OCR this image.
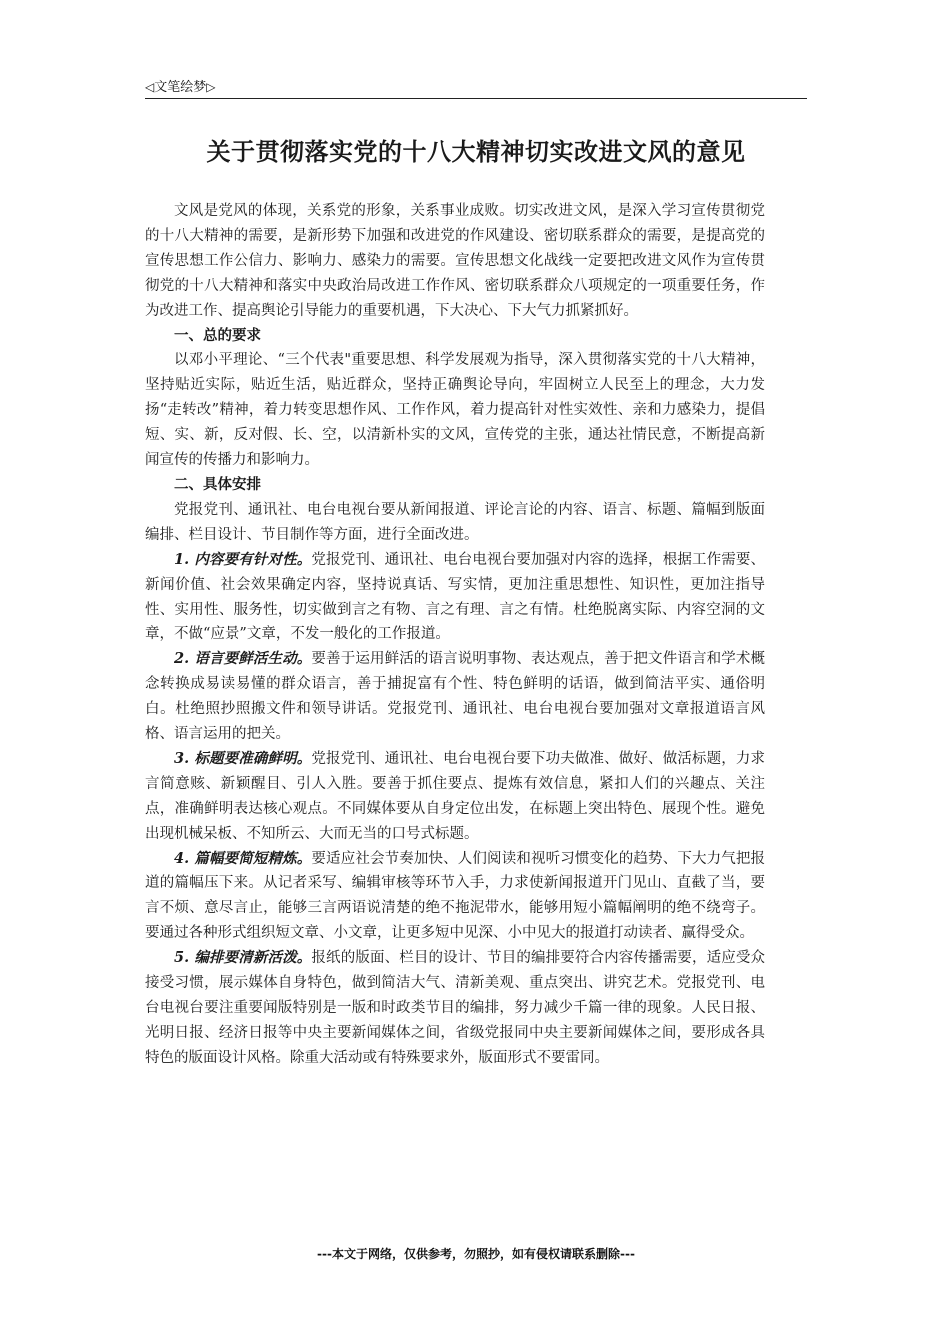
◁文笔绘梦▷
关于贯彻落实党的十八大精神切实改进文风的意见

文风是党风的体现，关系党的形象，关系事业成败。切实改进文风，是深入学习宣传贯彻党的十八大精神的需要，是新形势下加强和改进党的作风建设、密切联系群众的需要，是提高党的宣传思想工作公信力、影响力、感染力的需要。宣传思想文化战线一定要把改进文风作为宣传贯彻党的十八大精神和落实中央政治局改进工作作风、密切联系群众八项规定的一项重要任务，作为改进工作、提高舆论引导能力的重要机遇，下大决心、下大气力抓紧抓好。

一、总的要求

以邓小平理论、“三个代表"重要思想、科学发展观为指导，深入贯彻落实党的十八大精神，坚持贴近实际，贴近生活，贴近群众，坚持正确舆论导向，牢固树立人民至上的理念，大力发扬“走转改”精神，着力转变思想作风、工作作风，着力提高针对性实效性、亲和力感染力，提倡短、实、新，反对假、长、空，以清新朴实的文风，宣传党的主张，通达社情民意，不断提高新闻宣传的传播力和影响力。

二、具体安排

党报党刊、通讯社、电台电视台要从新闻报道、评论言论的内容、语言、标题、篇幅到版面编排、栏目设计、节目制作等方面，进行全面改进。

1. 内容要有针对性。党报党刊、通讯社、电台电视台要加强对内容的选择，根据工作需要、新闻价值、社会效果确定内容，坚持说真话、写实情，更加注重思想性、知识性，更加注指导性、实用性、服务性，切实做到言之有物、言之有理、言之有情。杜绝脱离实际、内容空洞的文章，不做“应景”文章，不发一般化的工作报道。

2. 语言要鲜活生动。要善于运用鲜活的语言说明事物、表达观点，善于把文件语言和学术概念转换成易读易懂的群众语言，善于捕捉富有个性、特色鲜明的话语，做到简洁平实、通俗明白。杜绝照抄照搬文件和领导讲话。党报党刊、通讯社、电台电视台要加强对文章报道语言风格、语言运用的把关。

3. 标题要准确鲜明。党报党刊、通讯社、电台电视台要下功夫做准、做好、做活标题，力求言简意赅、新颖醒目、引人入胜。要善于抓住要点、提炼有效信息，紧扣人们的兴趣点、关注点，准确鲜明表达核心观点。不同媒体要从自身定位出发，在标题上突出特色、展现个性。避免出现机械呆板、不知所云、大而无当的口号式标题。

4. 篇幅要简短精炼。要适应社会节奏加快、人们阅读和视听习惯变化的趋势、下大力气把报道的篇幅压下来。从记者采写、编辑审核等环节入手，力求使新闻报道开门见山、直截了当，要言不烦、意尽言止，能够三言两语说清楚的绝不拖泥带水，能够用短小篇幅阐明的绝不绕弯子。要通过各种形式组织短文章、小文章，让更多短中见深、小中见大的报道打动读者、赢得受众。

5. 编排要清新活泼。报纸的版面、栏目的设计、节目的编排要符合内容传播需要，适应受众接受习惯，展示媒体自身特色，做到简洁大气、清新美观、重点突出、讲究艺术。党报党刊、电台电视台要注重要闻版特别是一版和时政类节目的编排，努力减少千篇一律的现象。人民日报、光明日报、经济日报等中央主要新闻媒体之间，省级党报同中央主要新闻媒体之间，要形成各具特色的版面设计风格。除重大活动或有特殊要求外，版面形式不要雷同。

---本文于网络，仅供参考，勿照抄，如有侵权请联系删除---
